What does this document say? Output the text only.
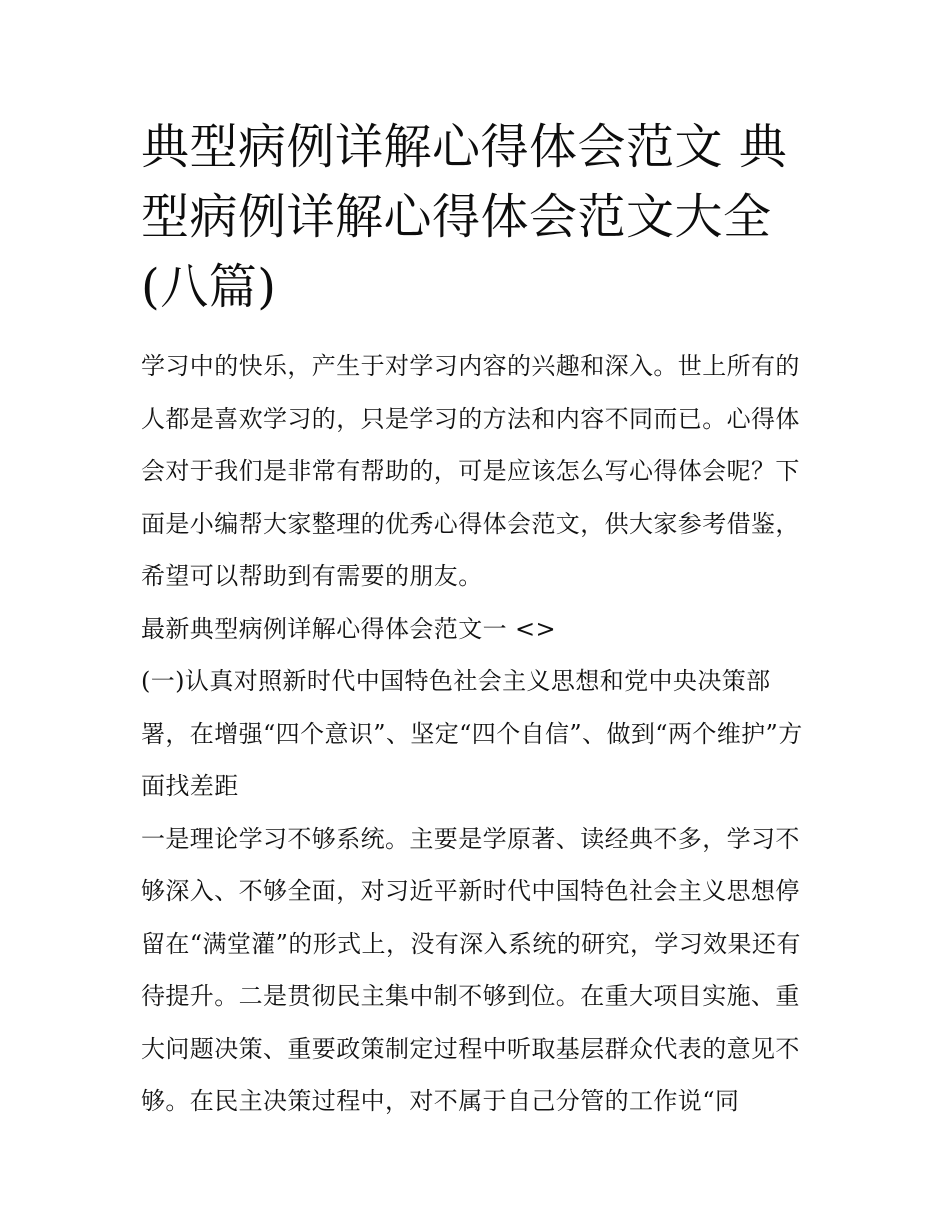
典型病例详解心得体会范文 典型病例详解心得体会范文大全(八篇)

学习中的快乐，产生于对学习内容的兴趣和深入。世上所有的人都是喜欢学习的，只是学习的方法和内容不同而已。心得体会对于我们是非常有帮助的，可是应该怎么写心得体会呢？下面是小编帮大家整理的优秀心得体会范文，供大家参考借鉴，希望可以帮助到有需要的朋友。

最新典型病例详解心得体会范文一 <>

(一)认真对照新时代中国特色社会主义思想和党中央决策部署，在增强“四个意识”、坚定“四个自信”、做到“两个维护”方面找差距

一是理论学习不够系统。主要是学原著、读经典不多，学习不够深入、不够全面，对习近平新时代中国特色社会主义思想停留在“满堂灌”的形式上，没有深入系统的研究，学习效果还有待提升。二是贯彻民主集中制不够到位。在重大项目实施、重大问题决策、重要政策制定过程中听取基层群众代表的意见不够。在民主决策过程中，对不属于自己分管的工作说“同
